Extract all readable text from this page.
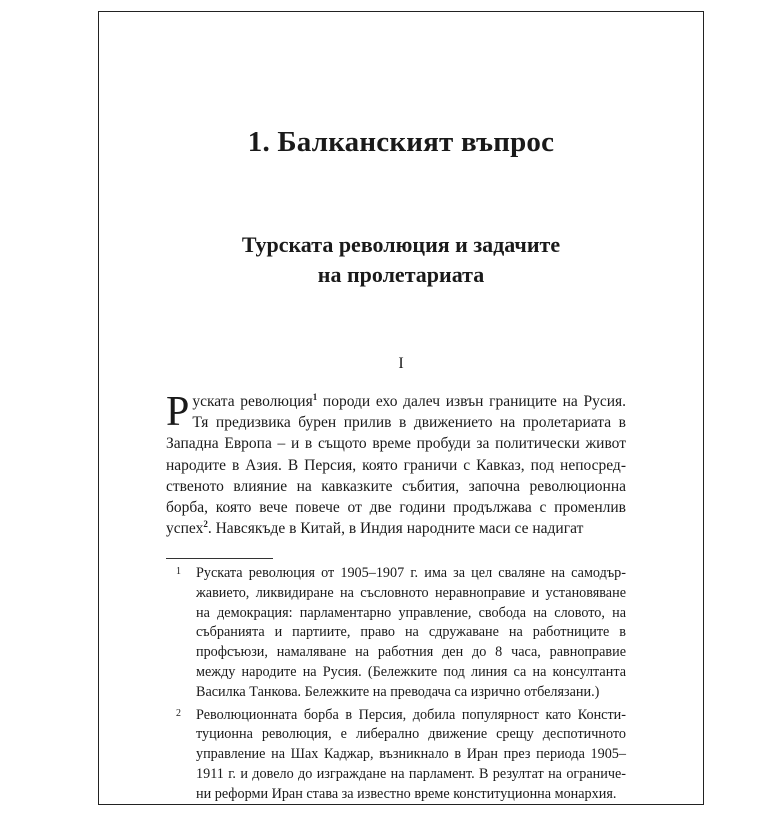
1. Балканският въпрос
Турската революция и задачите
на пролетариата
I

Руската революция$^1$ породи ехо далеч извън границите на Русия. Тя предизвика бурен прилив в движението на пролетариата в Западна Европа – и в същото време пробуди за политически живот народите в Азия. В Персия, която граничи с Кавказ, под непосредственото влияние на кавказките събития, започна революционна борба, която вече повече от две години продължава с променлив успех$^2$. Навсякъде в Китай, в Индия народните маси се надигат

1 Руската революция от 1905–1907 г. има за цел сваляне на самодържавието, ликвидиране на съсловното неравноправие и установяване на демокрация: парламентарно управление, свобода на словото, на събранията и партиите, право на сдружаване на работниците в профсъюзи, намаляване на работния ден до 8 часа, равноправие между народите на Русия. (Бележките под линия са на консултанта Василка Танкова. Бележките на преводача са изрично отбелязани.)
2 Революционната борба в Персия, добила популярност като Конституционна революция, е либерално движение срещу деспотичното управление на Шах Каджар, възникнало в Иран през периода 1905–1911 г. и довело до изграждане на парламент. В резултат на ограничени реформи Иран става за известно време конституционна монархия.
